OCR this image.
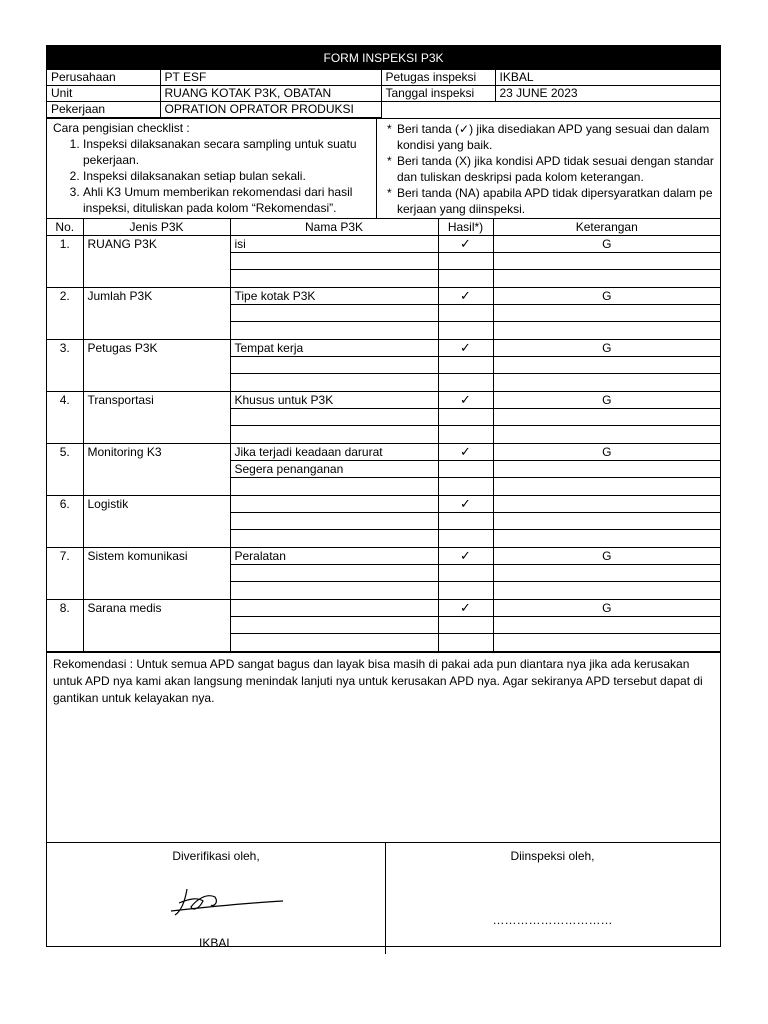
FORM INSPEKSI P3K
Perusahaan	PT ESF	Petugas inspeksi	IKBAL
Unit	RUANG KOTAK P3K, OBATAN	Tanggal inspeksi	23 JUNE 2023
Pekerjaan	OPRATION OPRATOR PRODUKSI		
Cara pengisian checklist :
1. Inspeksi dilaksanakan secara sampling untuk suatu pekerjaan.
2. Inspeksi dilaksanakan setiap bulan sekali.
3. Ahli K3 Umum memberikan rekomendasi dari hasil inspeksi, dituliskan pada kolom “Rekomendasi”.
* Beri tanda (✓) jika disediakan APD yang sesuai dan dalam kondisi yang baik.
* Beri tanda (X) jika kondisi APD tidak sesuai dengan standar dan tuliskan deskripsi pada kolom keterangan.
* Beri tanda (NA) apabila APD tidak dipersyaratkan dalam pekerjaan yang diinspeksi.
No.	Jenis P3K	Nama P3K	Hasil*)	Keterangan
1.	RUANG P3K	isi	✓	G

2.	Jumlah P3K	Tipe kotak P3K	✓	G

3.	Petugas P3K	Tempat kerja	✓	G

4.	Transportasi	Khusus untuk P3K	✓	G

5.	Monitoring K3	Jika terjadi keadaan darurat	✓	G
		Segera penanganan		

6.	Logistik		✓	

7.	Sistem komunikasi	Peralatan	✓	G

8.	Sarana medis		✓	G

Rekomendasi : Untuk semua APD sangat bagus dan layak bisa masih di pakai ada pun diantara nya jika ada kerusakan untuk APD nya kami akan langsung menindak lanjuti nya untuk kerusakan APD nya. Agar sekiranya APD tersebut dapat di gantikan untuk kelayakan nya.
Diverifikasi oleh,
IKBAL
Diinspeksi oleh,
…………………………
